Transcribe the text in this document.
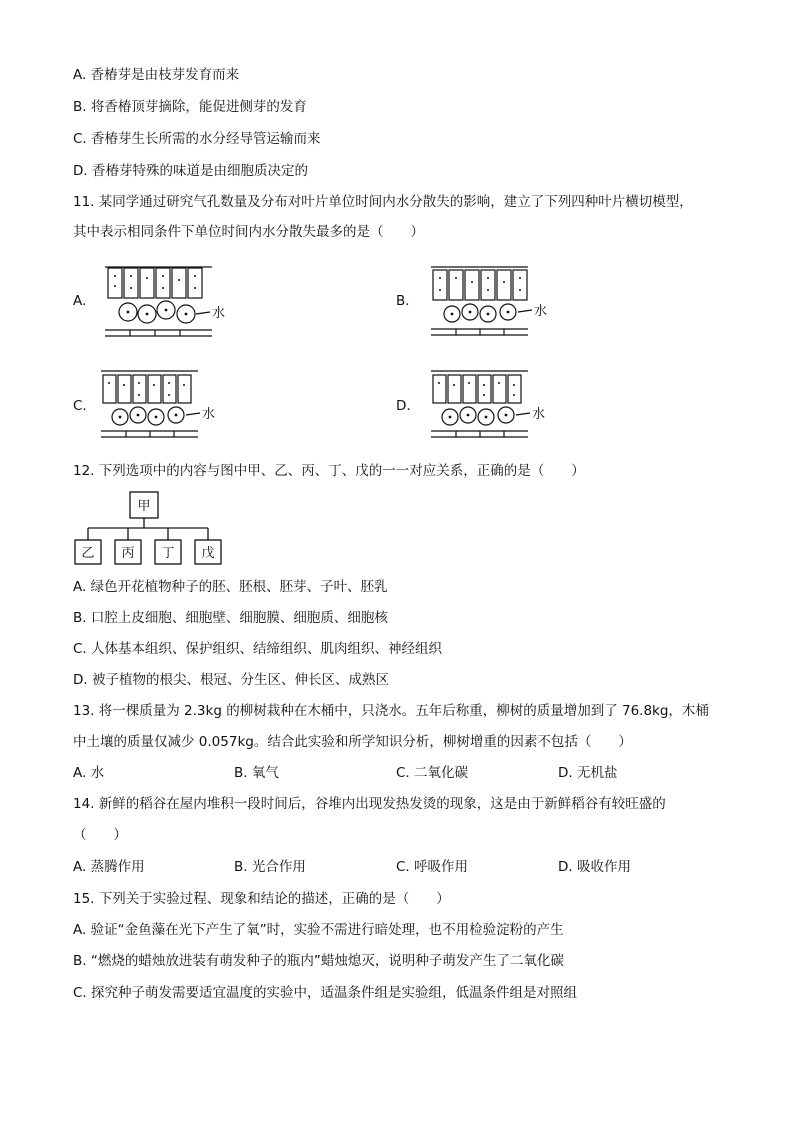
A. 香椿芽是由枝芽发育而来
B. 将香椿顶芽摘除，能促进侧芽的发育
C. 香椿芽生长所需的水分经导管运输而来
D. 香椿芽特殊的味道是由细胞质决定的
11. 某同学通过研究气孔数量及分布对叶片单位时间内水分散失的影响，建立了下列四种叶片横切模型，
其中表示相同条件下单位时间内水分散失最多的是（　　）
A.	B.
C.	D.
水	水
水	水
12. 下列选项中的内容与图中甲、乙、丙、丁、戊的一一对应关系，正确的是（　　）
甲
乙 丙 丁 戊
A. 绿色开花植物种子的胚、胚根、胚芽、子叶、胚乳
B. 口腔上皮细胞、细胞壁、细胞膜、细胞质、细胞核
C. 人体基本组织、保护组织、结缔组织、肌肉组织、神经组织
D. 被子植物的根尖、根冠、分生区、伸长区、成熟区
13. 将一棵质量为 2.3kg 的柳树栽种在木桶中，只浇水。五年后称重，柳树的质量增加到了 76.8kg，木桶
中土壤的质量仅减少 0.057kg。结合此实验和所学知识分析，柳树增重的因素不包括（　　）
A. 水	B. 氧气	C. 二氧化碳	D. 无机盐
14. 新鲜的稻谷在屋内堆积一段时间后，谷堆内出现发热发烫的现象，这是由于新鲜稻谷有较旺盛的
（　　）
A. 蒸腾作用	B. 光合作用	C. 呼吸作用	D. 吸收作用
15. 下列关于实验过程、现象和结论的描述，正确的是（　　）
A. 验证“金鱼藻在光下产生了氧”时，实验不需进行暗处理，也不用检验淀粉的产生
B. “燃烧的蜡烛放进装有萌发种子的瓶内”蜡烛熄灭，说明种子萌发产生了二氧化碳
C. 探究种子萌发需要适宜温度的实验中，适温条件组是实验组，低温条件组是对照组
